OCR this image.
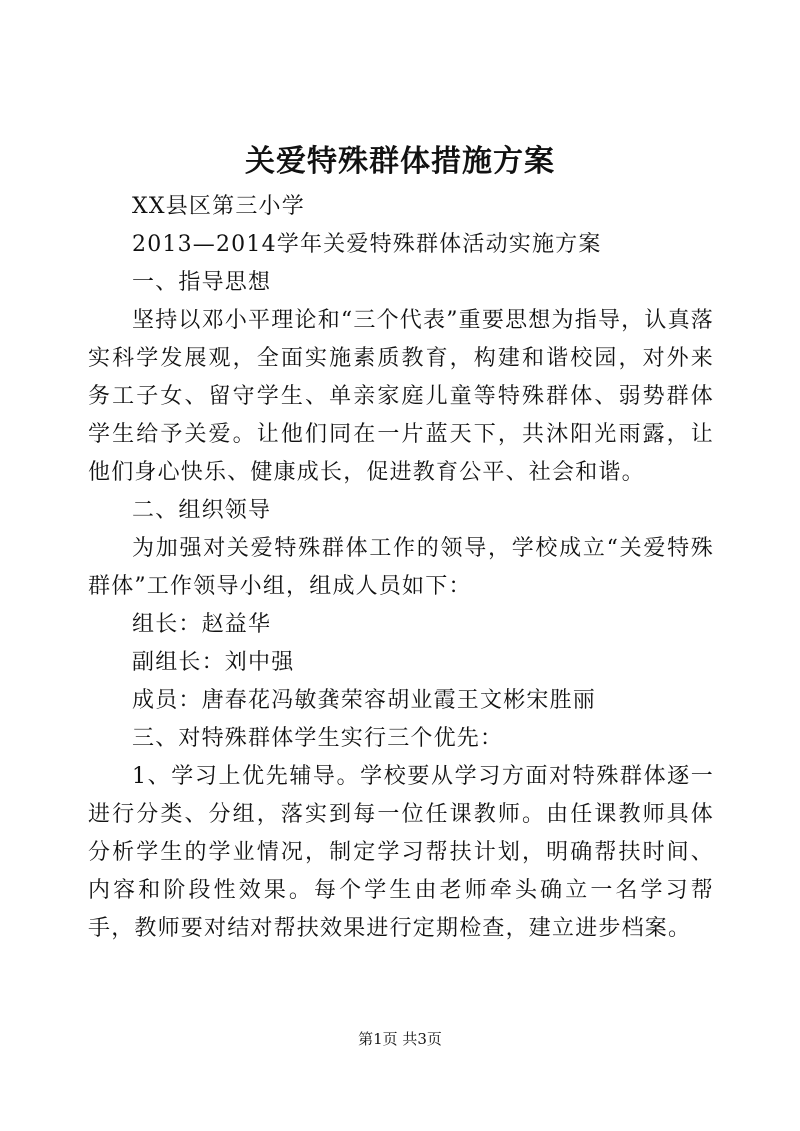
关爱特殊群体措施方案

XX县区第三小学

2013—2014学年关爱特殊群体活动实施方案

一、指导思想

坚持以邓小平理论和“三个代表”重要思想为指导，认真落实科学发展观，全面实施素质教育，构建和谐校园，对外来务工子女、留守学生、单亲家庭儿童等特殊群体、弱势群体学生给予关爱。让他们同在一片蓝天下，共沐阳光雨露，让他们身心快乐、健康成长，促进教育公平、社会和谐。

二、组织领导

为加强对关爱特殊群体工作的领导，学校成立“关爱特殊群体”工作领导小组，组成人员如下：

组长：赵益华

副组长：刘中强

成员：唐春花冯敏龚荣容胡业霞王文彬宋胜丽

三、对特殊群体学生实行三个优先：

1、学习上优先辅导。学校要从学习方面对特殊群体逐一进行分类、分组，落实到每一位任课教师。由任课教师具体分析学生的学业情况，制定学习帮扶计划，明确帮扶时间、内容和阶段性效果。每个学生由老师牵头确立一名学习帮手，教师要对结对帮扶效果进行定期检查，建立进步档案。

第1页 共3页
